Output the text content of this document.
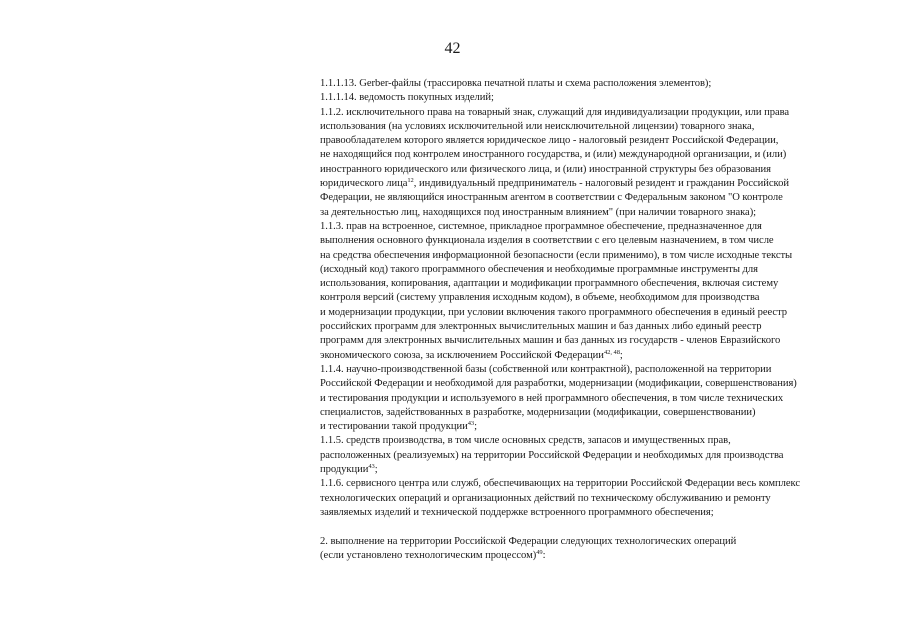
42
1.1.1.13. Gerber-файлы (трассировка печатной платы и схема расположения элементов);
1.1.1.14. ведомость покупных изделий;
1.1.2. исключительного права на товарный знак, служащий для индивидуализации продукции, или права
использования (на условиях исключительной или неисключительной лицензии) товарного знака,
правообладателем которого является юридическое лицо - налоговый резидент Российской Федерации,
не находящийся под контролем иностранного государства, и (или) международной организации, и (или)
иностранного юридического или физического лица, и (или) иностранной структуры без образования
юридического лица$^{12}$, индивидуальный предприниматель - налоговый резидент и гражданин Российской
Федерации, не являющийся иностранным агентом в соответствии с Федеральным законом "О контроле
за деятельностью лиц, находящихся под иностранным влиянием" (при наличии товарного знака);
1.1.3. прав на встроенное, системное, прикладное программное обеспечение, предназначенное для
выполнения основного функционала изделия в соответствии с его целевым назначением, в том числе
на средства обеспечения информационной безопасности (если применимо), в том числе исходные тексты
(исходный код) такого программного обеспечения и необходимые программные инструменты для
использования, копирования, адаптации и модификации программного обеспечения, включая систему
контроля версий (систему управления исходным кодом), в объеме, необходимом для производства
и модернизации продукции, при условии включения такого программного обеспечения в единый реестр
российских программ для электронных вычислительных машин и баз данных либо единый реестр
программ для электронных вычислительных машин и баз данных из государств - членов Евразийского
экономического союза, за исключением Российской Федерации$^{42, 48}$;
1.1.4. научно-производственной базы (собственной или контрактной), расположенной на территории
Российской Федерации и необходимой для разработки, модернизации (модификации, совершенствования)
и тестирования продукции и используемого в ней программного обеспечения, в том числе технических
специалистов, задействованных в разработке, модернизации (модификации, совершенствовании)
и тестировании такой продукции$^{43}$;
1.1.5. средств производства, в том числе основных средств, запасов и имущественных прав,
расположенных (реализуемых) на территории Российской Федерации и необходимых для производства
продукции$^{43}$;
1.1.6. сервисного центра или служб, обеспечивающих на территории Российской Федерации весь комплекс
технологических операций и организационных действий по техническому обслуживанию и ремонту
заявляемых изделий и технической поддержке встроенного программного обеспечения;
2. выполнение на территории Российской Федерации следующих технологических операций
(если установлено технологическим процессом)$^{49}$:
